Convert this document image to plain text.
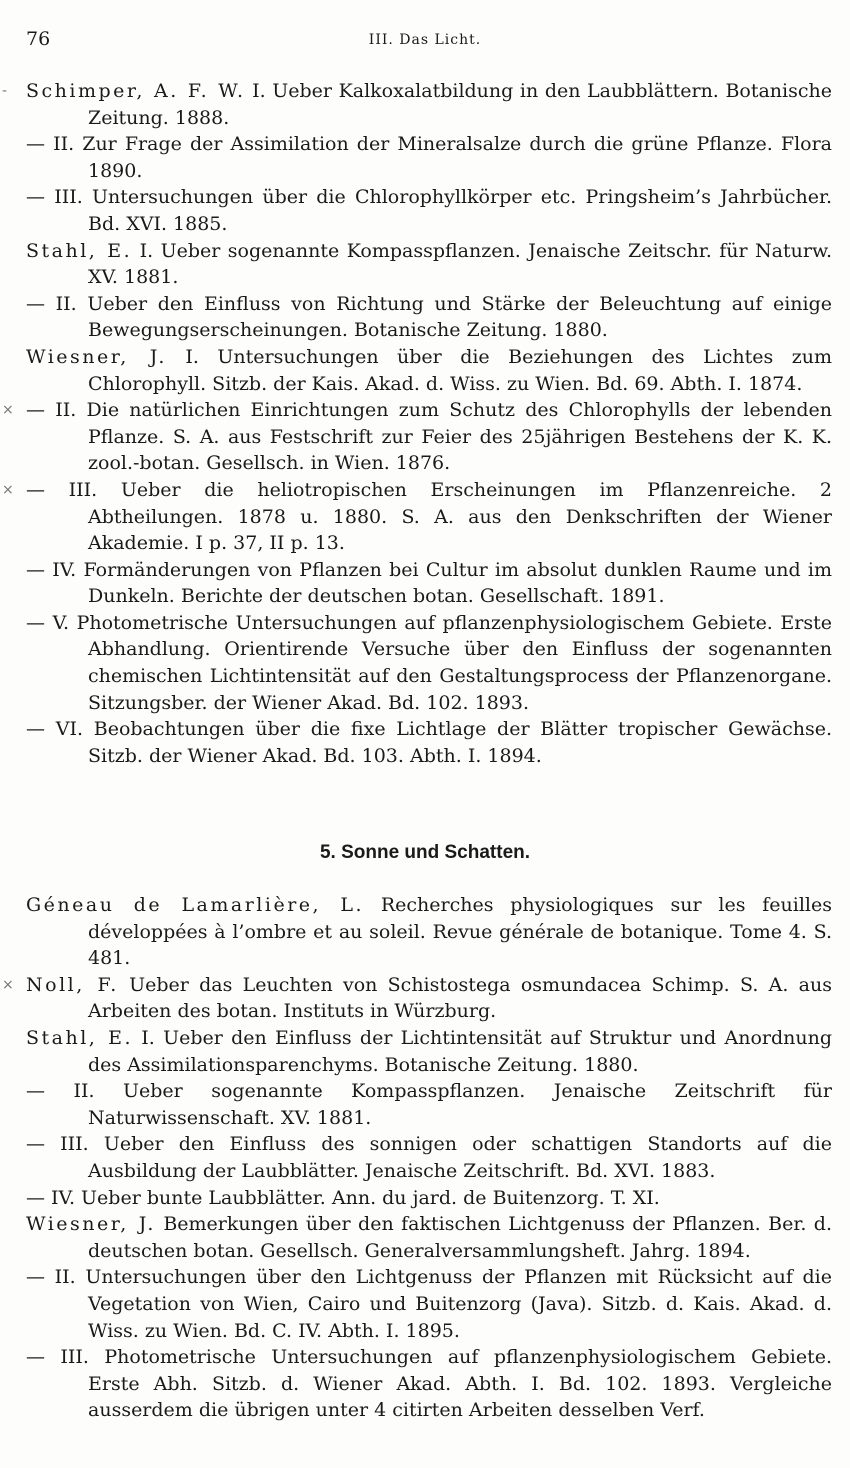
76	III. Das Licht.
- Schimper, A. F. W. I. Ueber Kalkoxalatbildung in den Laubblättern. Botanische Zeitung. 1888.
— II. Zur Frage der Assimilation der Mineralsalze durch die grüne Pflanze. Flora 1890.
— III. Untersuchungen über die Chlorophyllkörper etc. Pringsheim’s Jahrbücher. Bd. XVI. 1885.
Stahl, E. I. Ueber sogenannte Kompasspflanzen. Jenaische Zeitschr. für Naturw. XV. 1881.
— II. Ueber den Einfluss von Richtung und Stärke der Beleuchtung auf einige Bewegungserscheinungen. Botanische Zeitung. 1880.
Wiesner, J. I. Untersuchungen über die Beziehungen des Lichtes zum Chlorophyll. Sitzb. der Kais. Akad. d. Wiss. zu Wien. Bd. 69. Abth. I. 1874.
× — II. Die natürlichen Einrichtungen zum Schutz des Chlorophylls der lebenden Pflanze. S. A. aus Festschrift zur Feier des 25jährigen Bestehens der K. K. zool.-botan. Gesellsch. in Wien. 1876.
× — III. Ueber die heliotropischen Erscheinungen im Pflanzenreiche. 2 Abtheilungen. 1878 u. 1880. S. A. aus den Denkschriften der Wiener Akademie. I p. 37, II p. 13.
— IV. Formänderungen von Pflanzen bei Cultur im absolut dunklen Raume und im Dunkeln. Berichte der deutschen botan. Gesellschaft. 1891.
— V. Photometrische Untersuchungen auf pflanzenphysiologischem Gebiete. Erste Abhandlung. Orientirende Versuche über den Einfluss der sogenannten chemischen Lichtintensität auf den Gestaltungsprocess der Pflanzenorgane. Sitzungsber. der Wiener Akad. Bd. 102. 1893.
— VI. Beobachtungen über die fixe Lichtlage der Blätter tropischer Gewächse. Sitzb. der Wiener Akad. Bd. 103. Abth. I. 1894.
5. Sonne und Schatten.
Géneau de Lamarlière, L. Recherches physiologiques sur les feuilles développées à l’ombre et au soleil. Revue générale de botanique. Tome 4. S. 481.
× Noll, F. Ueber das Leuchten von Schistostega osmundacea Schimp. S. A. aus Arbeiten des botan. Instituts in Würzburg.
Stahl, E. I. Ueber den Einfluss der Lichtintensität auf Struktur und Anordnung des Assimilationsparenchyms. Botanische Zeitung. 1880.
— II. Ueber sogenannte Kompasspflanzen. Jenaische Zeitschrift für Naturwissenschaft. XV. 1881.
— III. Ueber den Einfluss des sonnigen oder schattigen Standorts auf die Ausbildung der Laubblätter. Jenaische Zeitschrift. Bd. XVI. 1883.
— IV. Ueber bunte Laubblätter. Ann. du jard. de Buitenzorg. T. XI.
Wiesner, J. Bemerkungen über den faktischen Lichtgenuss der Pflanzen. Ber. d. deutschen botan. Gesellsch. Generalversammlungsheft. Jahrg. 1894.
— II. Untersuchungen über den Lichtgenuss der Pflanzen mit Rücksicht auf die Vegetation von Wien, Cairo und Buitenzorg (Java). Sitzb. d. Kais. Akad. d. Wiss. zu Wien. Bd. C. IV. Abth. I. 1895.
— III. Photometrische Untersuchungen auf pflanzenphysiologischem Gebiete. Erste Abh. Sitzb. d. Wiener Akad. Abth. I. Bd. 102. 1893. Vergleiche ausserdem die übrigen unter 4 citirten Arbeiten desselben Verf.
